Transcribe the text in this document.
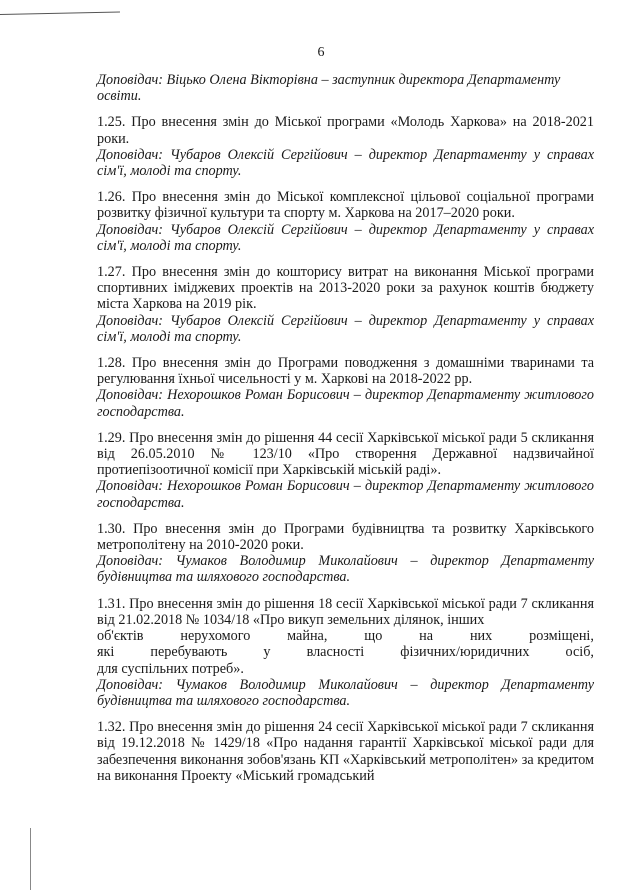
6

Доповідач: Віцько Олена Вікторівна – заступник директора Департаменту освіти.

1.25. Про внесення змін до Міської програми «Молодь Харкова» на 2018-2021 роки.

Доповідач: Чубаров Олексій Сергійович – директор Департаменту у справах сім'ї, молоді та спорту.

1.26. Про внесення змін до Міської комплексної цільової соціальної програми розвитку фізичної культури та спорту м. Харкова на 2017–2020 роки.

Доповідач: Чубаров Олексій Сергійович – директор Департаменту у справах сім'ї, молоді та спорту.

1.27. Про внесення змін до кошторису витрат на виконання Міської програми спортивних іміджевих проектів на 2013-2020 роки за рахунок коштів бюджету міста Харкова на 2019 рік.

Доповідач: Чубаров Олексій Сергійович – директор Департаменту у справах сім'ї, молоді та спорту.

1.28. Про внесення змін до Програми поводження з домашніми тваринами та регулювання їхньої чисельності у м. Харкові на 2018-2022 рр.

Доповідач: Нехорошков Роман Борисович – директор Департаменту житлового господарства.

1.29. Про внесення змін до рішення 44 сесії Харківської міської ради 5 скликання від 26.05.2010 № 123/10 «Про створення Державної надзвичайної протиепізоотичної комісії при Харківській міській раді».

Доповідач: Нехорошков Роман Борисович – директор Департаменту житлового господарства.

1.30. Про внесення змін до Програми будівництва та розвитку Харківського метрополітену на 2010-2020 роки.

Доповідач: Чумаков Володимир Миколайович – директор Департаменту будівництва та шляхового господарства.

1.31. Про внесення змін до рішення 18 сесії Харківської міської ради 7 скликання від 21.02.2018 № 1034/18 «Про викуп земельних ділянок, інших

об'єктів	нерухомого	майна,	що	на	них	розміщені,
які	перебувають	у	власності	фізичних/юридичних	осіб,

для суспільних потреб».

Доповідач: Чумаков Володимир Миколайович – директор Департаменту будівництва та шляхового господарства.

1.32. Про внесення змін до рішення 24 сесії Харківської міської ради 7 скликання від 19.12.2018 № 1429/18 «Про надання гарантії Харківської міської ради для забезпечення виконання зобов'язань КП «Харківський метрополітен» за кредитом на виконання Проекту «Міський громадський
